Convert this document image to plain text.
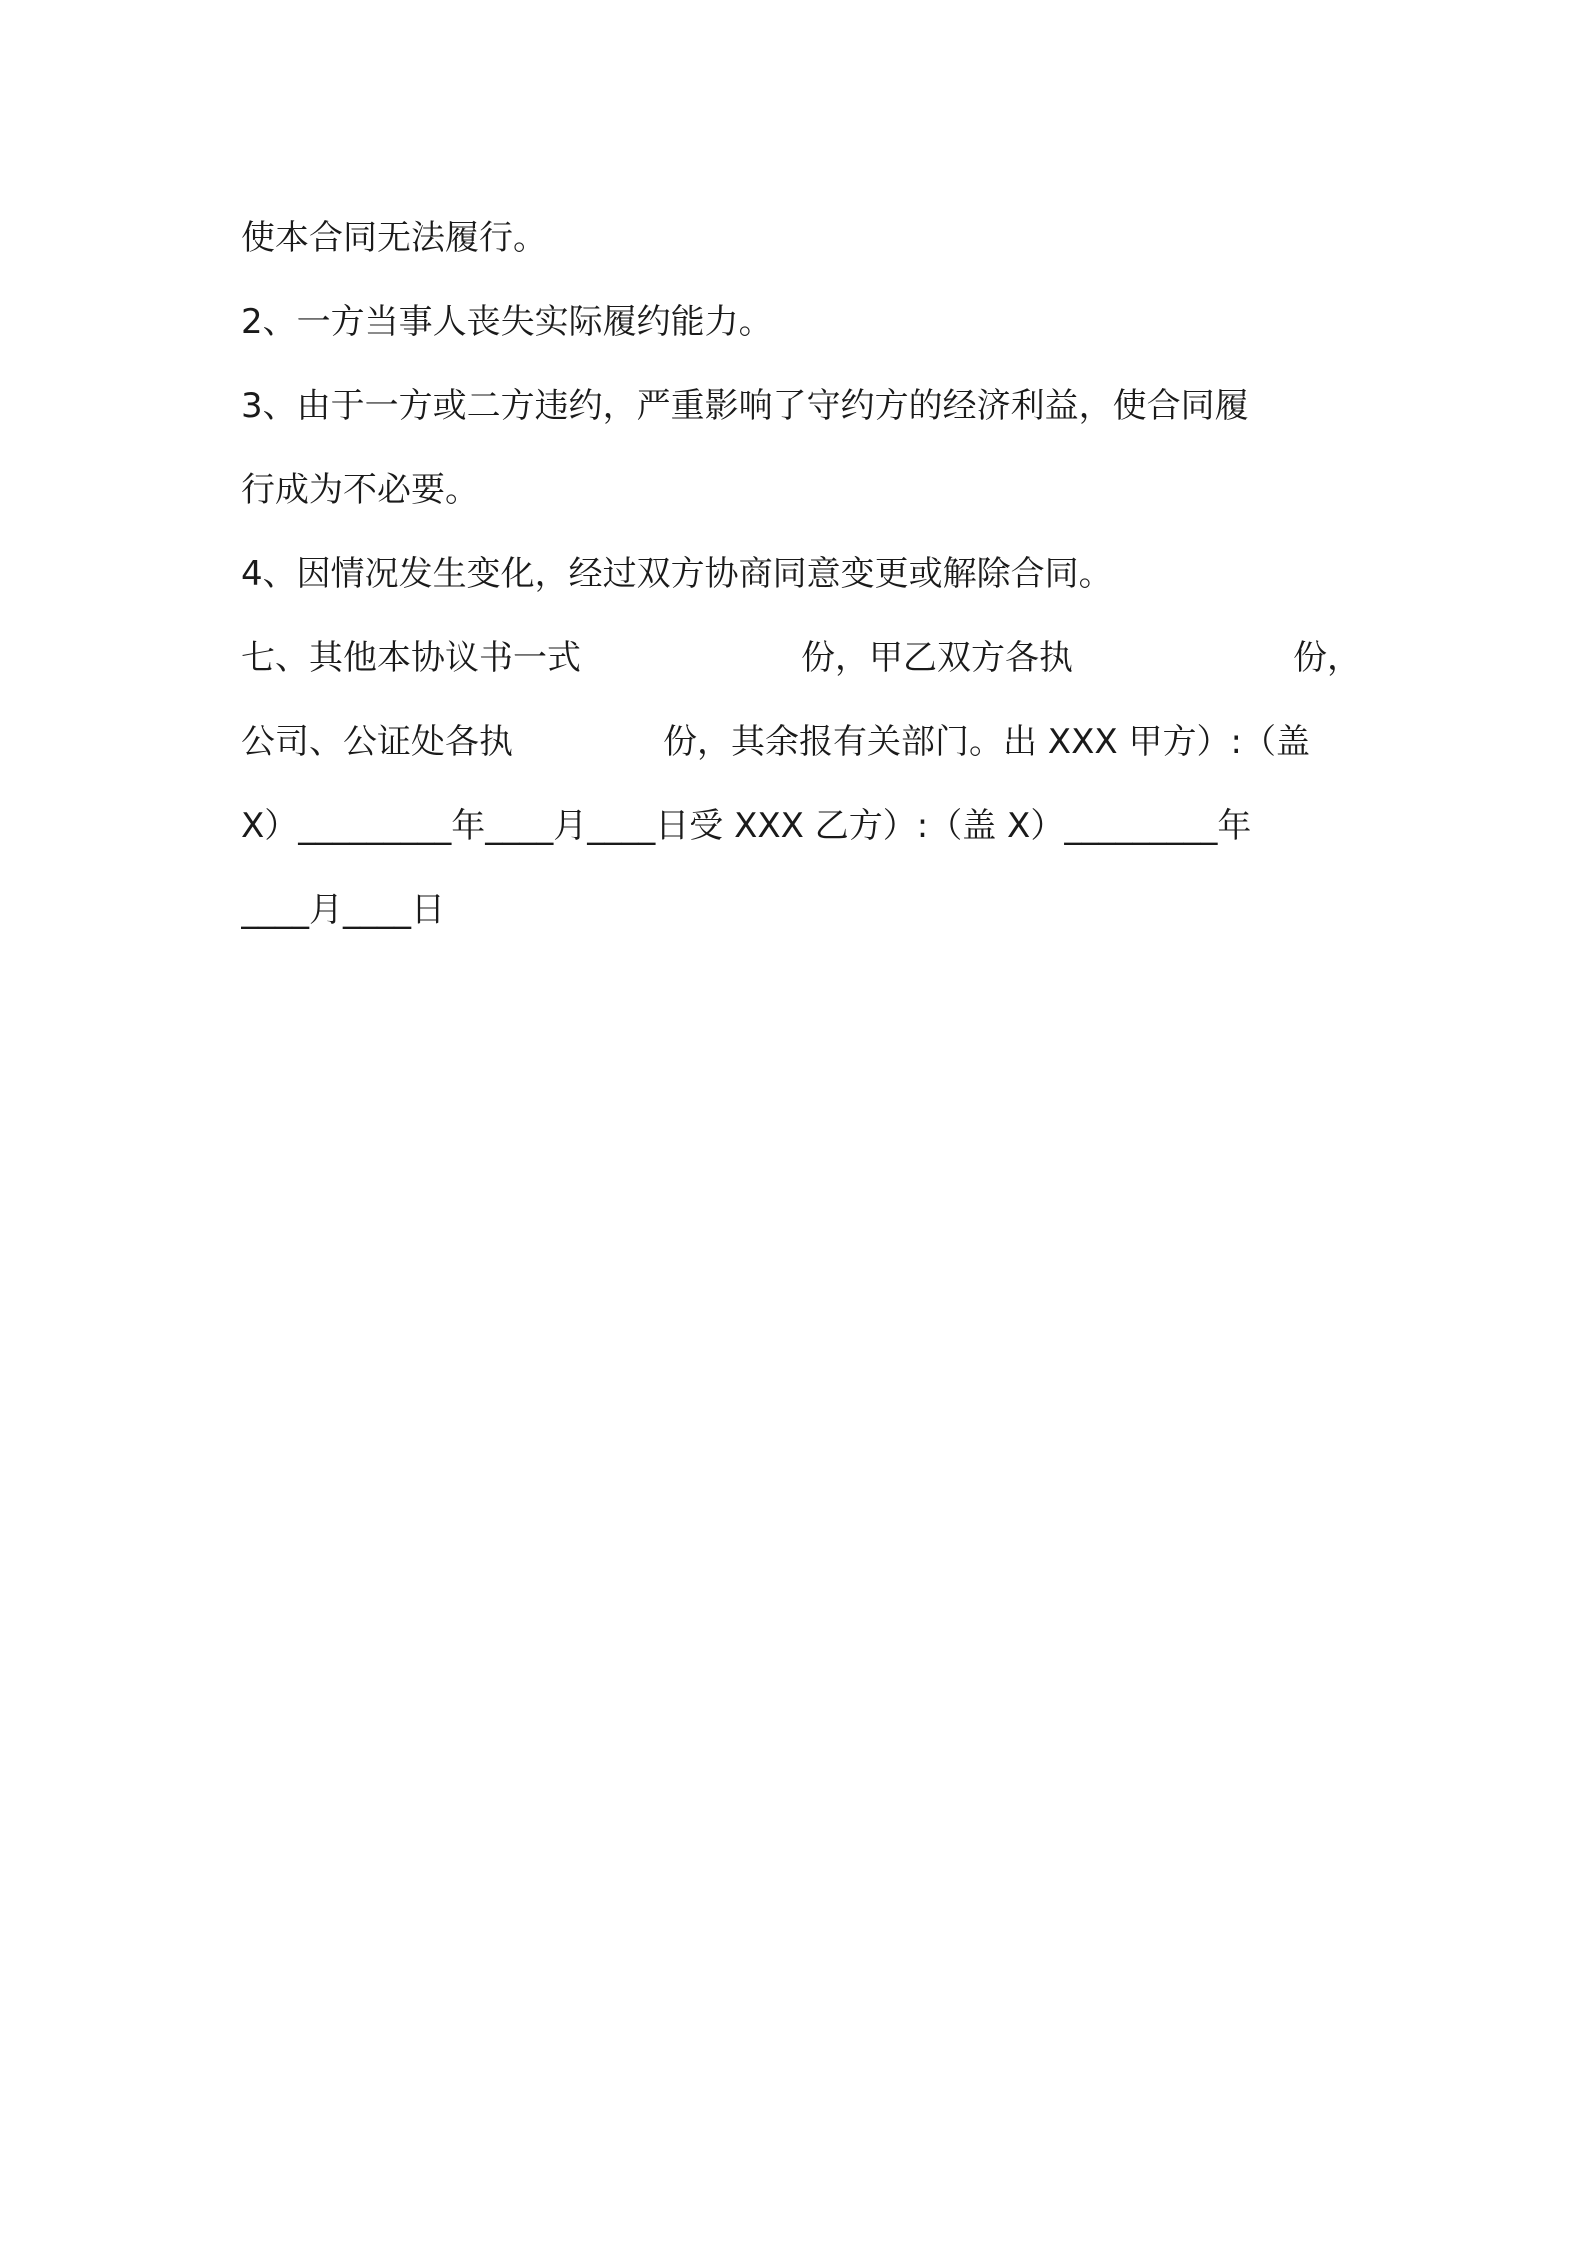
使本合同无法履行。
2、一方当事人丧失实际履约能力。
3、由于一方或二方违约，严重影响了守约方的经济利益，使合同履
行成为不必要。
4、因情况发生变化，经过双方协商同意变更或解除合同。
七、其他本协议书一式	份，甲乙双方各执	份，
公司、公证处各执	份，其余报有关部门。出 XXX 甲方）:（盖
X）_________年____月____日受 XXX 乙方）:（盖 X）_________年
____月____日
